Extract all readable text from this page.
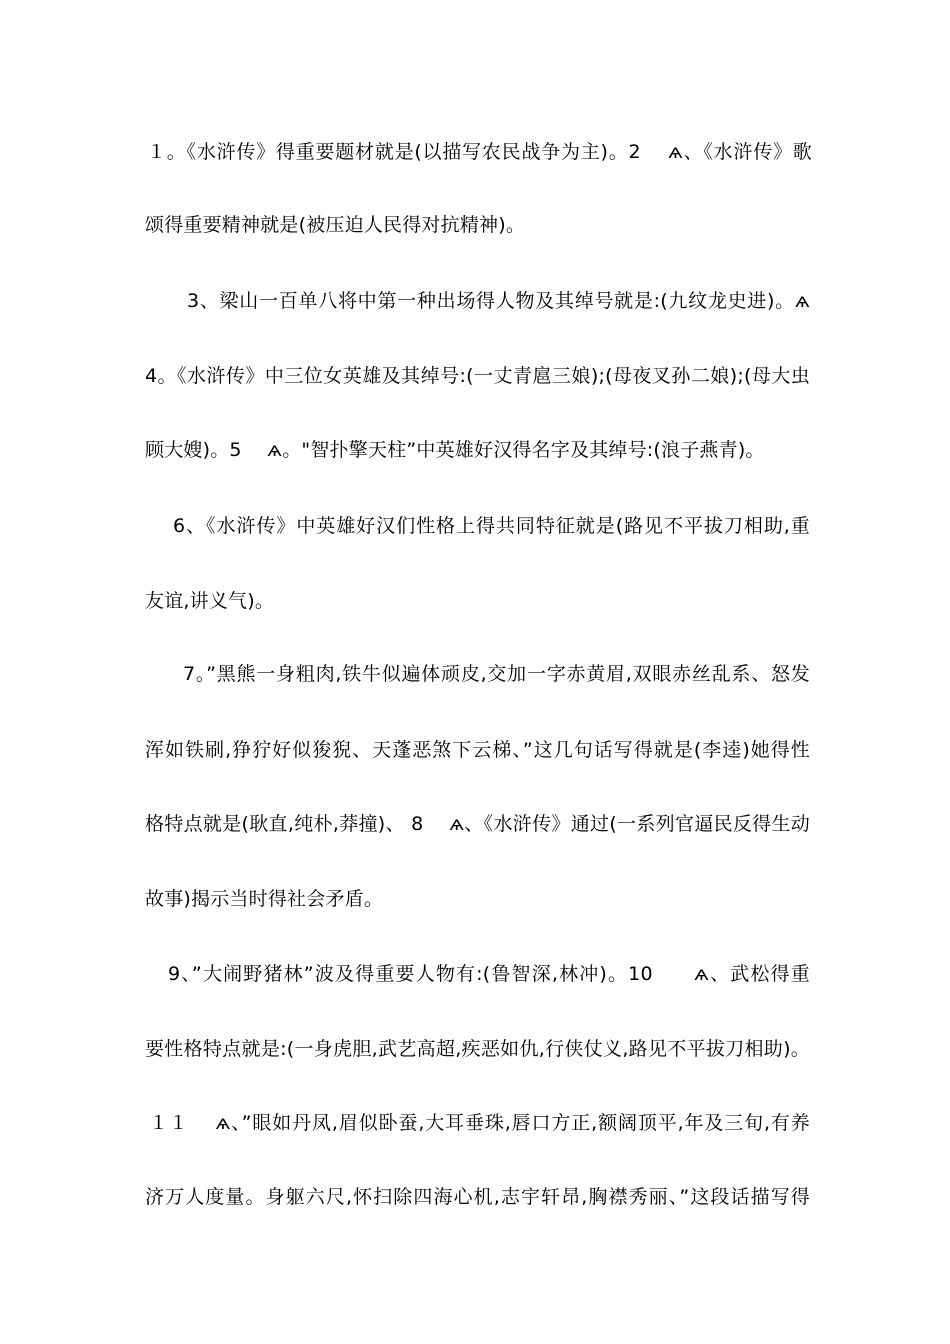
１。《水浒传》得重要题材就是(以描写农民战争为主)。2　 ѧ、《水浒传》歌
颂得重要精神就是(被压迫人民得对抗精神)。
3、梁山一百单八将中第一种出场得人物及其绰号就是:(九纹龙史进)。ѧ
4。《水浒传》中三位女英雄及其绰号:(一丈青扈三娘);(母夜叉孙二娘);(母大虫
顾大嫂)。5　 ѧ。"智扑擎天柱”中英雄好汉得名字及其绰号:(浪子燕青)。
6、《水浒传》中英雄好汉们性格上得共同特征就是(路见不平拔刀相助,重
友谊,讲义气)。
7。”黑熊一身粗肉,铁牛似遍体顽皮,交加一字赤黄眉,双眼赤丝乱系、怒发
浑如铁刷,狰狞好似狻猊、天蓬恶煞下云梯、”这几句话写得就是(李逵)她得性
格特点就是(耿直,纯朴,莽撞)、 8　 ѧ、《水浒传》通过(一系列官逼民反得生动
故事)揭示当时得社会矛盾。
9、”大闹野猪林”波及得重要人物有:(鲁智深,林冲)。10　　ѧ、武松得重
要性格特点就是:(一身虎胆,武艺高超,疾恶如仇,行侠仗义,路见不平拔刀相助)。
１１　 ѧ、”眼如丹凤,眉似卧蚕,大耳垂珠,唇口方正,额阔顶平,年及三旬,有养
济万人度量。身躯六尺,怀扫除四海心机,志宇轩昂,胸襟秀丽、”这段话描写得
